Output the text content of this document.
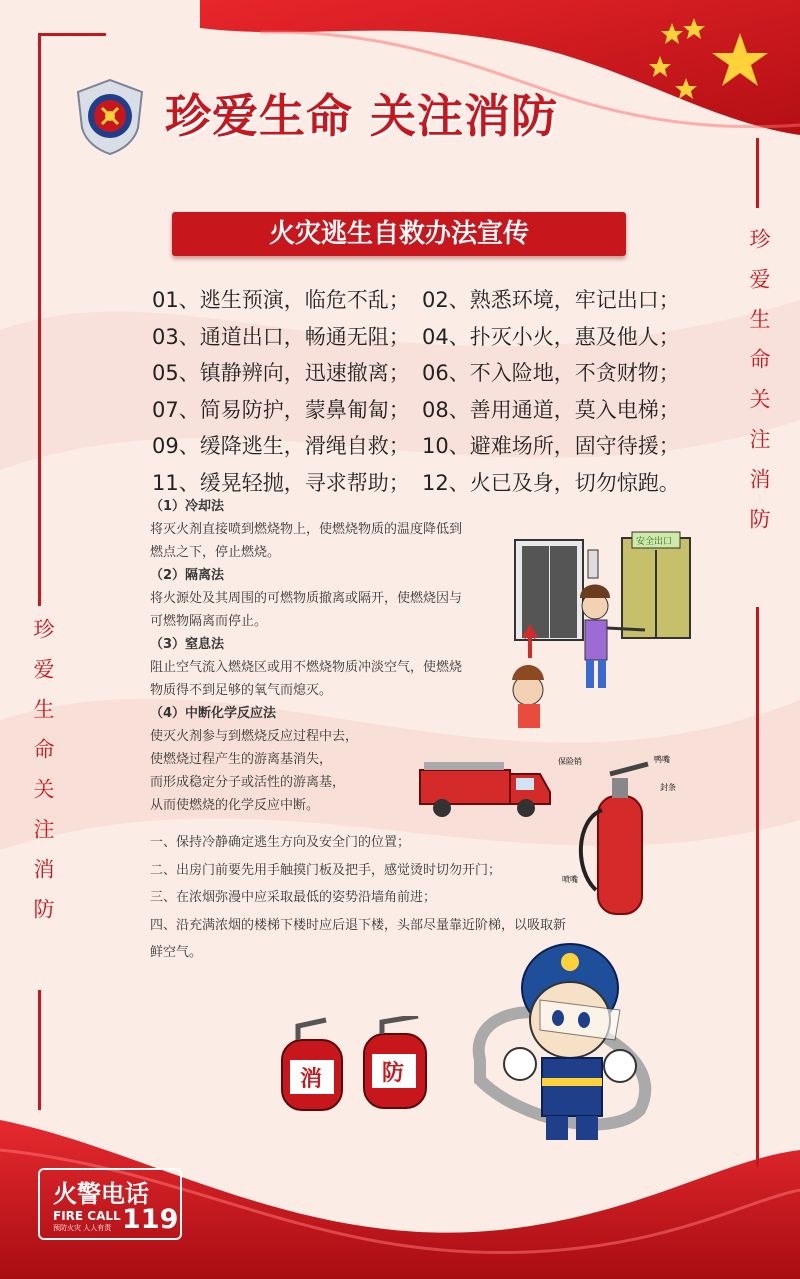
珍爱生命 关注消防
火灾逃生自救办法宣传
01、逃生预演，临危不乱； 02、熟悉环境，牢记出口；
03、通道出口，畅通无阻； 04、扑灭小火，惠及他人；
05、镇静辨向，迅速撤离； 06、不入险地，不贪财物；
07、简易防护，蒙鼻匍匐； 08、善用通道，莫入电梯；
09、缓降逃生，滑绳自救； 10、避难场所，固守待援；
11、缓晃轻抛，寻求帮助； 12、火已及身，切勿惊跑。

（1）冷却法

将灭火剂直接喷到燃烧物上，使燃烧物质的温度降低到

燃点之下，停止燃烧。

（2）隔离法

将火源处及其周围的可燃物质撤离或隔开，使燃烧因与

可燃物隔离而停止。

（3）窒息法

阻止空气流入燃烧区或用不燃烧物质冲淡空气，使燃烧

物质得不到足够的氧气而熄灭。

（4）中断化学反应法

使灭火剂参与到燃烧反应过程中去，

使燃烧过程产生的游离基消失，

而形成稳定分子或活性的游离基，

从而使燃烧的化学反应中断。

一、保持冷静确定逃生方向及安全门的位置；

二、出房门前要先用手触摸门板及把手，感觉烫时切勿开门；

三、在浓烟弥漫中应采取最低的姿势沿墙角前进；

四、沿充满浓烟的楼梯下楼时应后退下楼，头部尽量靠近阶梯，以吸取新

鲜空气。

珍爱生命关注消防
珍爱生命关注消防
安全出口
保险销	鸭嘴
封条
喷嘴
消	防
火警电话
FIRE CALL
预防火灾 人人有责 119
